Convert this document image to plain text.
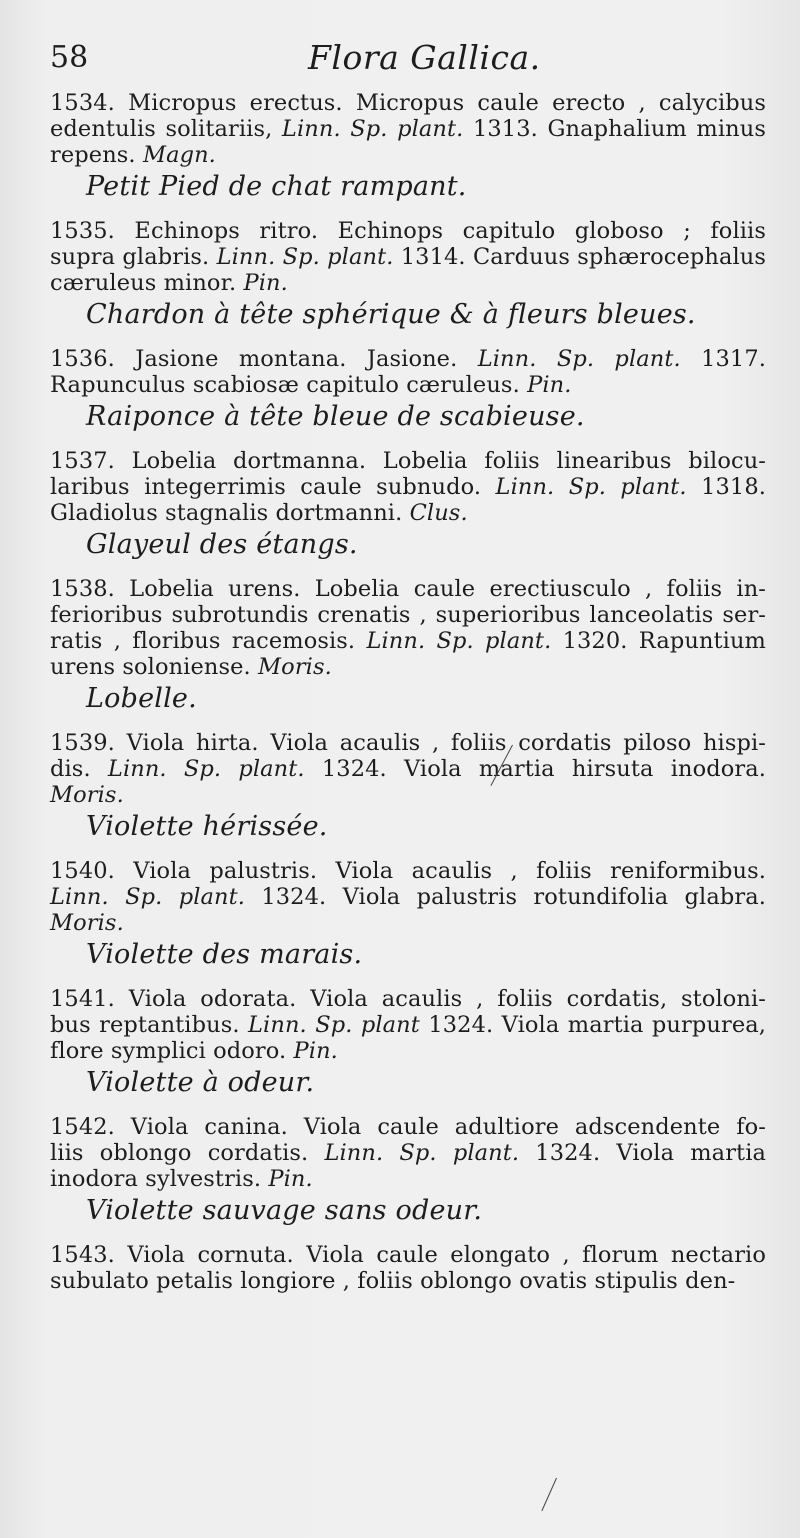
58	Flora Gallica.

1534. Micropus erectus. Micropus caule erecto , calycibus
edentulis solitariis, Linn. Sp. plant. 1313. Gnaphalium minus
repens. Magn.

Petit Pied de chat rampant.

1535. Echinops ritro. Echinops capitulo globoso ; foliis
supra glabris. Linn. Sp. plant. 1314. Carduus sphærocephalus
cæruleus minor. Pin.

Chardon à tête sphérique & à fleurs bleues.

1536. Jasione montana. Jasione. Linn. Sp. plant. 1317.
Rapunculus scabiosæ capitulo cæruleus. Pin.

Raiponce à tête bleue de scabieuse.

1537. Lobelia dortmanna. Lobelia foliis linearibus bilocu-
laribus integerrimis caule subnudo. Linn. Sp. plant. 1318.
Gladiolus stagnalis dortmanni. Clus.

Glayeul des étangs.

1538. Lobelia urens. Lobelia caule erectiusculo , foliis in-
ferioribus subrotundis crenatis , superioribus lanceolatis ser-
ratis , floribus racemosis. Linn. Sp. plant. 1320. Rapuntium
urens soloniense. Moris.

Lobelle.

1539. Viola hirta. Viola acaulis , foliis cordatis piloso hispi-
dis. Linn. Sp. plant. 1324. Viola martia hirsuta inodora.
Moris.

Violette hérissée.

1540. Viola palustris. Viola acaulis , foliis reniformibus.
Linn. Sp. plant. 1324. Viola palustris rotundifolia glabra.
Moris.

Violette des marais.

1541. Viola odorata. Viola acaulis , foliis cordatis, stoloni-
bus reptantibus. Linn. Sp. plant 1324. Viola martia purpurea,
flore symplici odoro. Pin.

Violette à odeur.

1542. Viola canina. Viola caule adultiore adscendente fo-
liis oblongo cordatis. Linn. Sp. plant. 1324. Viola martia
inodora sylvestris. Pin.

Violette sauvage sans odeur.

1543. Viola cornuta. Viola caule elongato , florum nectario
subulato petalis longiore , foliis oblongo ovatis stipulis den-
